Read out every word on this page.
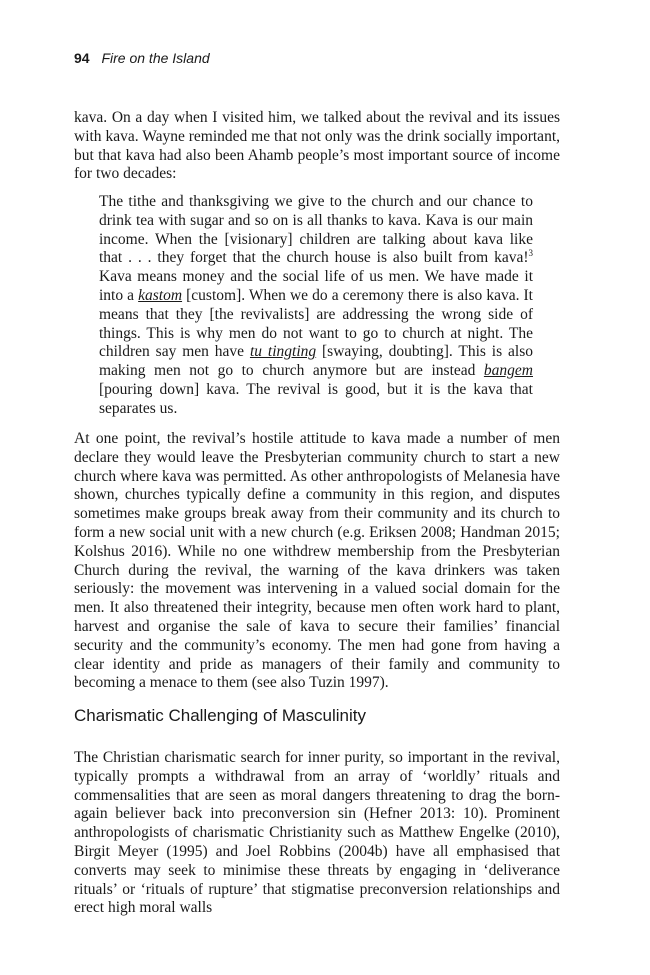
94 Fire on the Island

kava. On a day when I visited him, we talked about the revival and its issues with kava. Wayne reminded me that not only was the drink socially important, but that kava had also been Ahamb people’s most important source of income for two decades:

The tithe and thanksgiving we give to the church and our chance to drink tea with sugar and so on is all thanks to kava. Kava is our main income. When the [visionary] children are talking about kava like that . . . they forget that the church house is also built from kava!$^3$ Kava means money and the social life of us men. We have made it into a kastom [custom]. When we do a ceremony there is also kava. It means that they [the revivalists] are addressing the wrong side of things. This is why men do not want to go to church at night. The children say men have tu tingting [swaying, doubting]. This is also making men not go to church anymore but are instead bangem [pouring down] kava. The revival is good, but it is the kava that separates us.

At one point, the revival’s hostile attitude to kava made a number of men declare they would leave the Presbyterian community church to start a new church where kava was permitted. As other anthropologists of Melanesia have shown, churches typically define a community in this region, and disputes sometimes make groups break away from their community and its church to form a new social unit with a new church (e.g. Eriksen 2008; Handman 2015; Kolshus 2016). While no one withdrew membership from the Presbyterian Church during the revival, the warning of the kava drinkers was taken seriously: the movement was intervening in a valued social domain for the men. It also threatened their integrity, because men often work hard to plant, harvest and organise the sale of kava to secure their families’ financial security and the community’s economy. The men had gone from having a clear identity and pride as managers of their family and community to becoming a menace to them (see also Tuzin 1997).

Charismatic Challenging of Masculinity

The Christian charismatic search for inner purity, so important in the revival, typically prompts a withdrawal from an array of ‘worldly’ rituals and commensalities that are seen as moral dangers threatening to drag the born-again believer back into preconversion sin (Hefner 2013: 10). Prominent anthropologists of charismatic Christianity such as Matthew Engelke (2010), Birgit Meyer (1995) and Joel Robbins (2004b) have all emphasised that converts may seek to minimise these threats by engaging in ‘deliverance rituals’ or ‘rituals of rupture’ that stigmatise preconversion relationships and erect high moral walls
